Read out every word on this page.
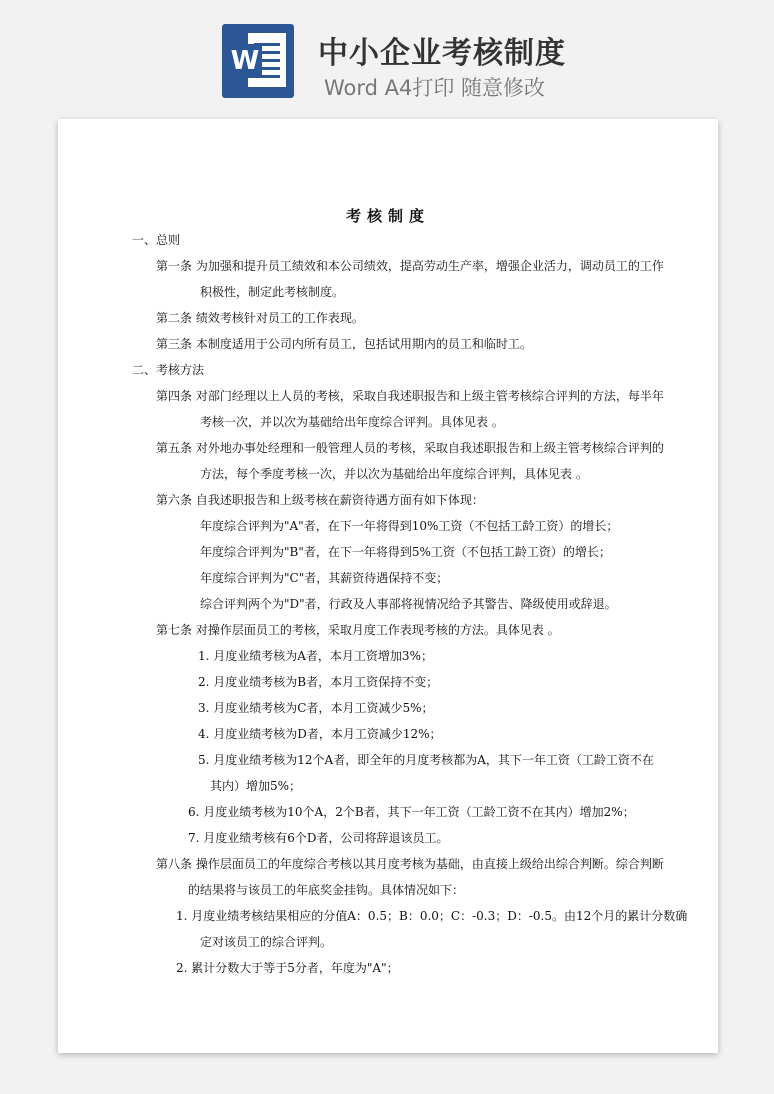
W 中小企业考核制度
Word A4打印 随意修改
考核制度
一、总则
第一条 为加强和提升员工绩效和本公司绩效，提高劳动生产率，增强企业活力，调动员工的工作
积极性，制定此考核制度。
第二条 绩效考核针对员工的工作表现。
第三条 本制度适用于公司内所有员工，包括试用期内的员工和临时工。
二、考核方法
第四条 对部门经理以上人员的考核，采取自我述职报告和上级主管考核综合评判的方法，每半年
考核一次，并以次为基础给出年度综合评判。具体见表 。
第五条 对外地办事处经理和一般管理人员的考核，采取自我述职报告和上级主管考核综合评判的
方法，每个季度考核一次，并以次为基础给出年度综合评判，具体见表 。
第六条 自我述职报告和上级考核在薪资待遇方面有如下体现：
年度综合评判为"A"者，在下一年将得到10%工资（不包括工龄工资）的增长；
年度综合评判为"B"者，在下一年将得到5%工资（不包括工龄工资）的增长；
年度综合评判为"C"者，其薪资待遇保持不变；
综合评判两个为"D"者，行政及人事部将视情况给予其警告、降级使用或辞退。
第七条 对操作层面员工的考核，采取月度工作表现考核的方法。具体见表 。
1. 月度业绩考核为A者，本月工资增加3%；
2. 月度业绩考核为B者，本月工资保持不变；
3. 月度业绩考核为C者，本月工资减少5%；
4. 月度业绩考核为D者，本月工资减少12%；
5. 月度业绩考核为12个A者，即全年的月度考核都为A，其下一年工资（工龄工资不在
其内）增加5%；
6. 月度业绩考核为10个A，2个B者，其下一年工资（工龄工资不在其内）增加2%；
7. 月度业绩考核有6个D者，公司将辞退该员工。
第八条 操作层面员工的年度综合考核以其月度考核为基础，由直接上级给出综合判断。综合判断
的结果将与该员工的年底奖金挂钩。具体情况如下：
1. 月度业绩考核结果相应的分值A：0.5；B：0.0；C：-0.3；D：-0.5。由12个月的累计分数确
定对该员工的综合评判。
2. 累计分数大于等于5分者，年度为"A"；
